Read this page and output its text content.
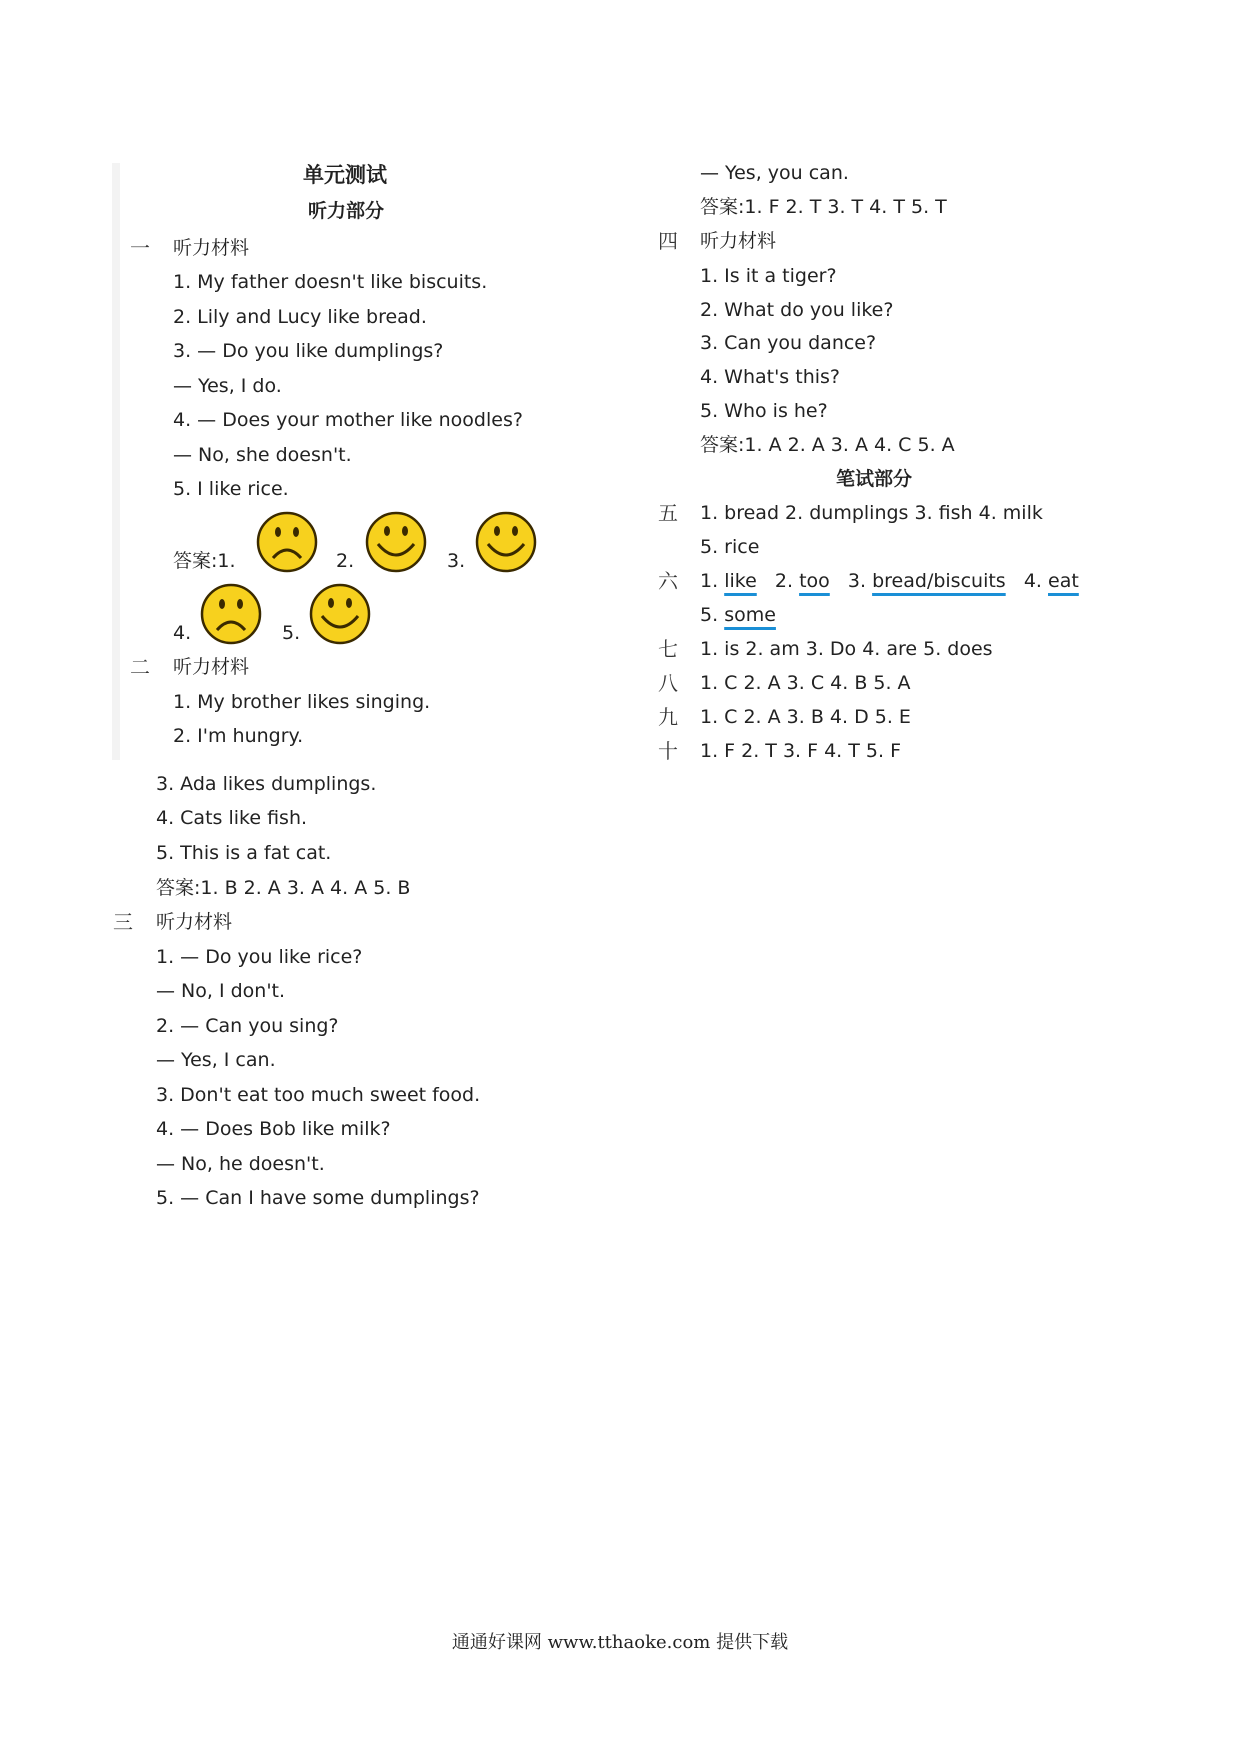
单元测试
听力部分
一 听力材料
1. My father doesn't like biscuits.
2. Lily and Lucy like bread.
3. — Do you like dumplings?
— Yes, I do.
4. — Does your mother like noodles?
— No, she doesn't.
5. I like rice.
答案:1.	2.	3.
4.	5.
二 听力材料
1. My brother likes singing.
2. I'm hungry.
3. Ada likes dumplings.
4. Cats like fish.
5. This is a fat cat.
答案:1. B 2. A 3. A 4. A 5. B
三 听力材料
1. — Do you like rice?
— No, I don't.
2. — Can you sing?
— Yes, I can.
3. Don't eat too much sweet food.
4. — Does Bob like milk?
— No, he doesn't.
5. — Can I have some dumplings?
— Yes, you can.
答案:1. F 2. T 3. T 4. T 5. T
四 听力材料
1. Is it a tiger?
2. What do you like?
3. Can you dance?
4. What's this?
5. Who is he?
答案:1. A 2. A 3. A 4. C 5. A
笔试部分
五 1. bread 2. dumplings 3. fish 4. milk
5. rice
六 1. like 2. too 3. bread/biscuits 4. eat
5. some
七 1. is 2. am 3. Do 4. are 5. does
八 1. C 2. A 3. C 4. B 5. A
九 1. C 2. A 3. B 4. D 5. E
十 1. F 2. T 3. F 4. T 5. F
通通好课网 www.tthaoke.com 提供下载
